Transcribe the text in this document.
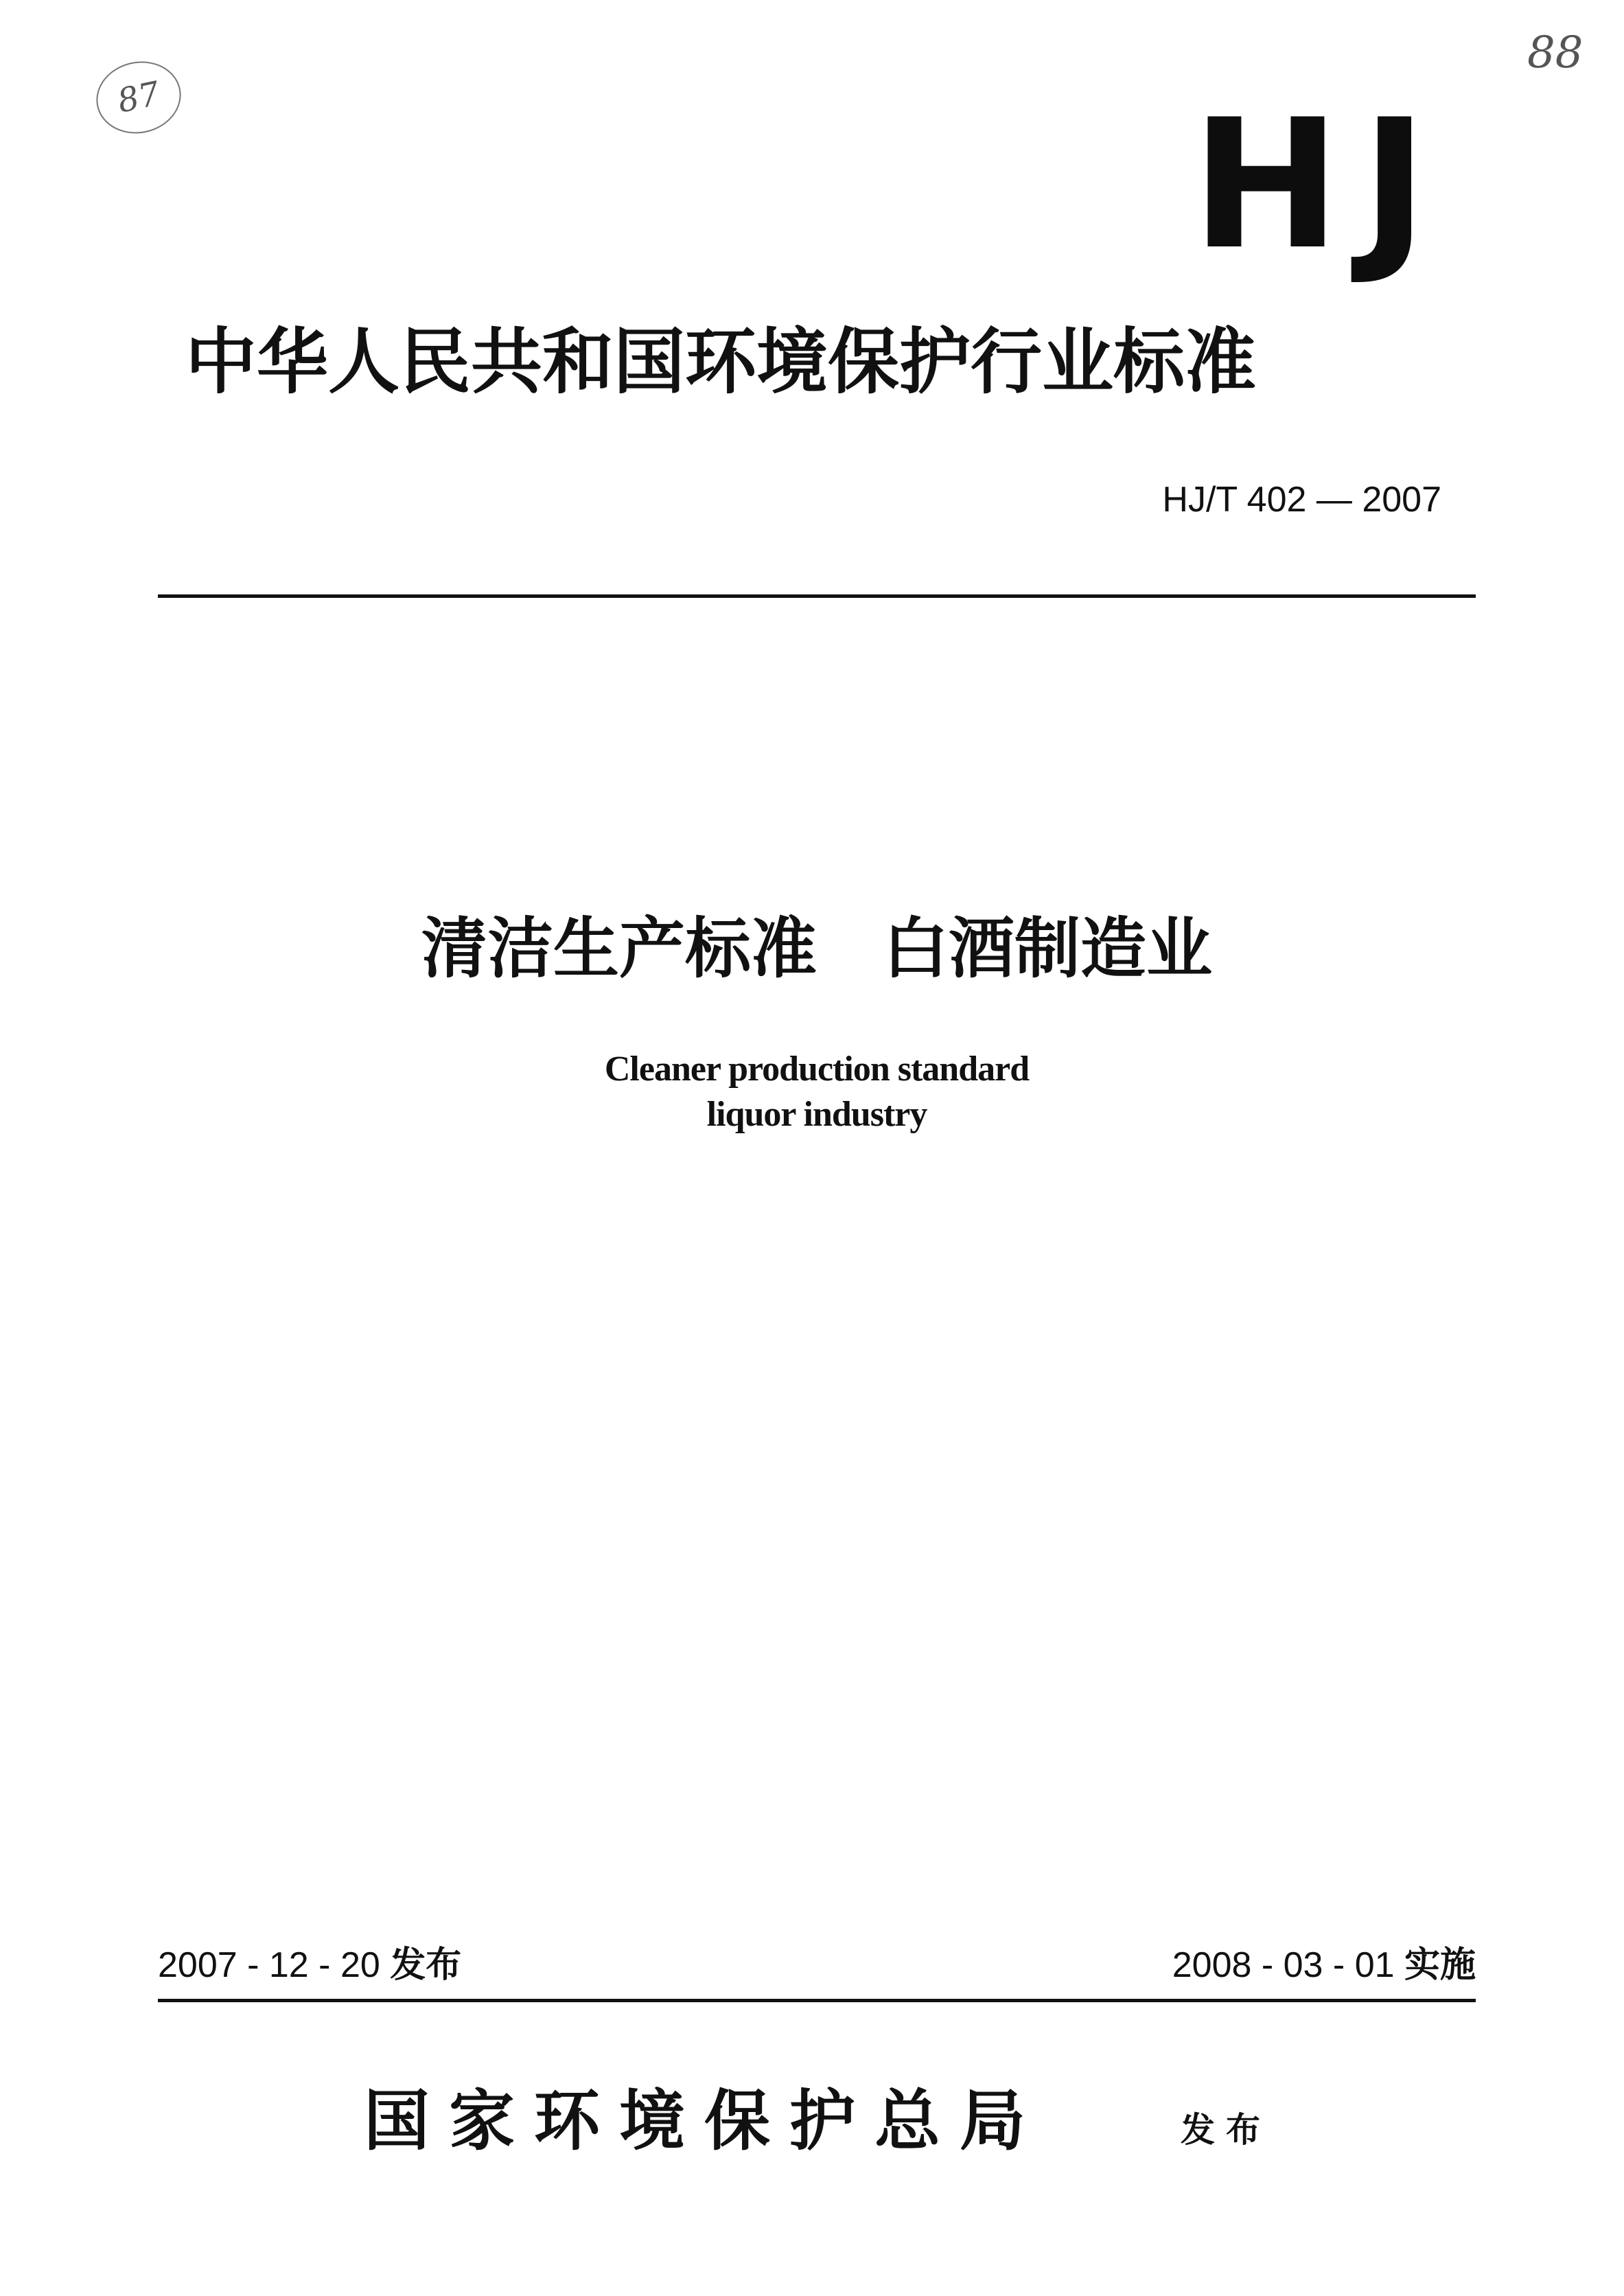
87
88
HJ
中华人民共和国环境保护行业标准
HJ/T 402 — 2007
清洁生产标准　白酒制造业
Cleaner production standard
liquor industry
2007 - 12 - 20 发布	2008 - 03 - 01 实施
国家环境保护总局	发布
